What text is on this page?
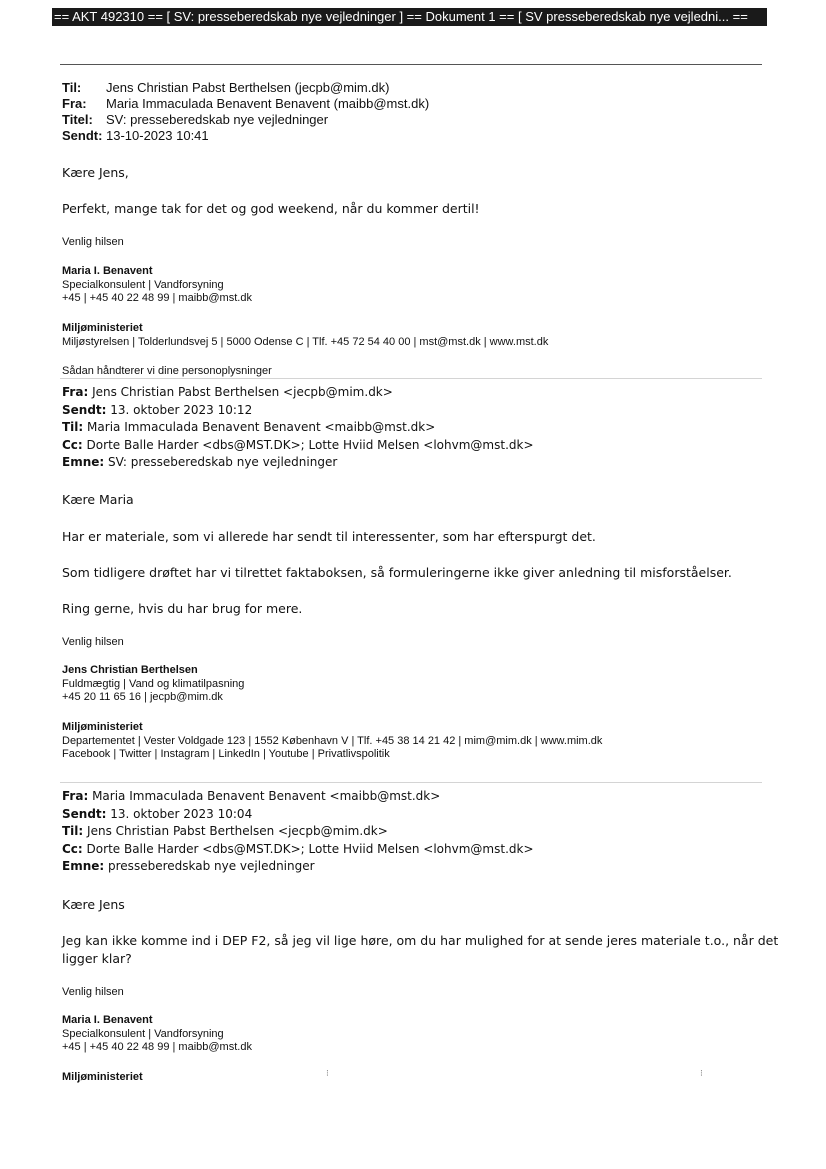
== AKT 492310 == [ SV: presseberedskab nye vejledninger ] == Dokument 1 == [ SV presseberedskab nye vejledni... ==
Til:	Jens Christian Pabst Berthelsen (jecpb@mim.dk)
Fra:	Maria Immaculada Benavent Benavent (maibb@mst.dk)
Titel:	SV: presseberedskab nye vejledninger
Sendt: 13-10-2023 10:41
Kære Jens,
Perfekt, mange tak for det og god weekend, når du kommer dertil!
Venlig hilsen
Maria I. Benavent
Specialkonsulent | Vandforsyning
+45 | +45 40 22 48 99 | maibb@mst.dk
Miljøministeriet
Miljøstyrelsen | Tolderlundsvej 5 | 5000 Odense C | Tlf. +45 72 54 40 00 | mst@mst.dk | www.mst.dk
Sådan håndterer vi dine personoplysninger
Fra: Jens Christian Pabst Berthelsen <jecpb@mim.dk>
Sendt: 13. oktober 2023 10:12
Til: Maria Immaculada Benavent Benavent <maibb@mst.dk>
Cc: Dorte Balle Harder <dbs@MST.DK>; Lotte Hviid Melsen <lohvm@mst.dk>
Emne: SV: presseberedskab nye vejledninger
Kære Maria
Har er materiale, som vi allerede har sendt til interessenter, som har efterspurgt det.
Som tidligere drøftet har vi tilrettet faktaboksen, så formuleringerne ikke giver anledning til misforståelser.
Ring gerne, hvis du har brug for mere.
Venlig hilsen
Jens Christian Berthelsen
Fuldmægtig | Vand og klimatilpasning
+45 20 11 65 16 | jecpb@mim.dk
Miljøministeriet
Departementet | Vester Voldgade 123 | 1552 København V | Tlf. +45 38 14 21 42 | mim@mim.dk | www.mim.dk
Facebook | Twitter | Instagram | LinkedIn | Youtube | Privatlivspolitik
Fra: Maria Immaculada Benavent Benavent <maibb@mst.dk>
Sendt: 13. oktober 2023 10:04
Til: Jens Christian Pabst Berthelsen <jecpb@mim.dk>
Cc: Dorte Balle Harder <dbs@MST.DK>; Lotte Hviid Melsen <lohvm@mst.dk>
Emne: presseberedskab nye vejledninger
Kære Jens
Jeg kan ikke komme ind i DEP F2, så jeg vil lige høre, om du har mulighed for at sende jeres materiale t.o., når det
ligger klar?
Venlig hilsen
Maria I. Benavent
Specialkonsulent | Vandforsyning
+45 | +45 40 22 48 99 | maibb@mst.dk
Miljøministeriet	⁝	⁝
